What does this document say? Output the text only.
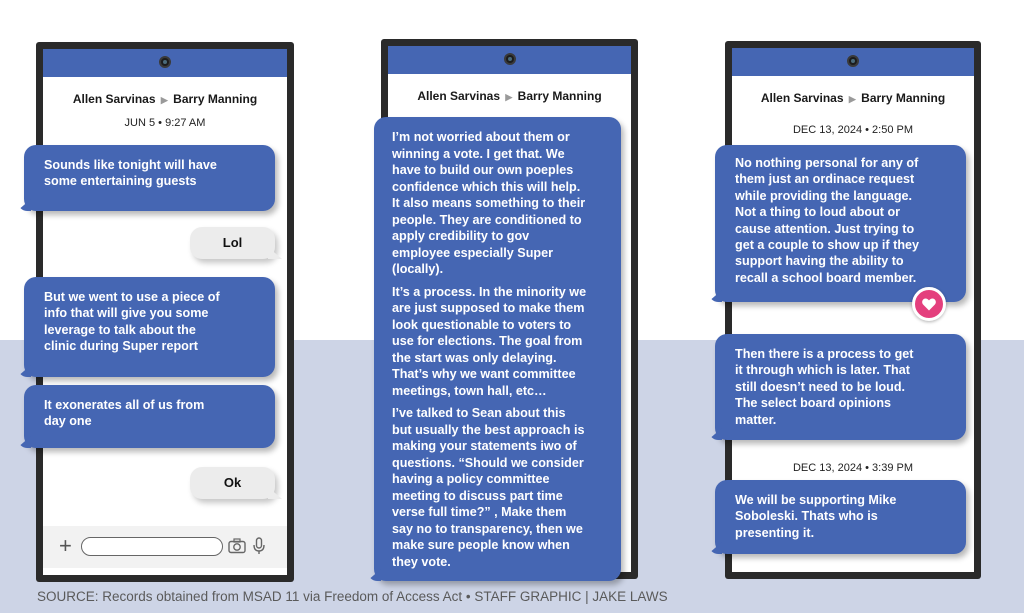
Allen Sarvinas ▶ Barry Manning
JUN 5 • 9:27 AM

Sounds like tonight will have

some entertaining guests

Lol

But we went to use a piece of

info that will give you some

leverage to talk about the

clinic during Super report

It exonerates all of us from

day one

Ok
+
Allen Sarvinas ▶ Barry Manning
I’m not worried about them or
winning a vote. I get that. We
have to build our own poeples
confidence which this will help.
It also means something to their
people. They are conditioned to
apply credibility to gov
employee especially Super
(locally).
It’s a process. In the minority we
are just supposed to make them
look questionable to voters to
use for elections. The goal from
the start was only delaying.
That’s why we want committee
meetings, town hall, etc…
I’ve talked to Sean about this
but usually the best approach is
making your statements iwo of
questions. “Should we consider
having a policy committee
meeting to discuss part time
verse full time?” , Make them
say no to transparency, then we
make sure people know when
they vote.
Allen Sarvinas ▶ Barry Manning
DEC 13, 2024 • 2:50 PM
DEC 13, 2024 • 3:39 PM
No nothing personal for any of
them just an ordinace request
while providing the language.
Not a thing to loud about or
cause attention. Just trying to
get a couple to show up if they
support having the ability to
recall a school board member.
Then there is a process to get
it through which is later. That
still doesn’t need to be loud.
The select board opinions
matter.
We will be supporting Mike
Soboleski. Thats who is
presenting it.
SOURCE: Records obtained from MSAD 11 via Freedom of Access Act • STAFF GRAPHIC | JAKE LAWS
